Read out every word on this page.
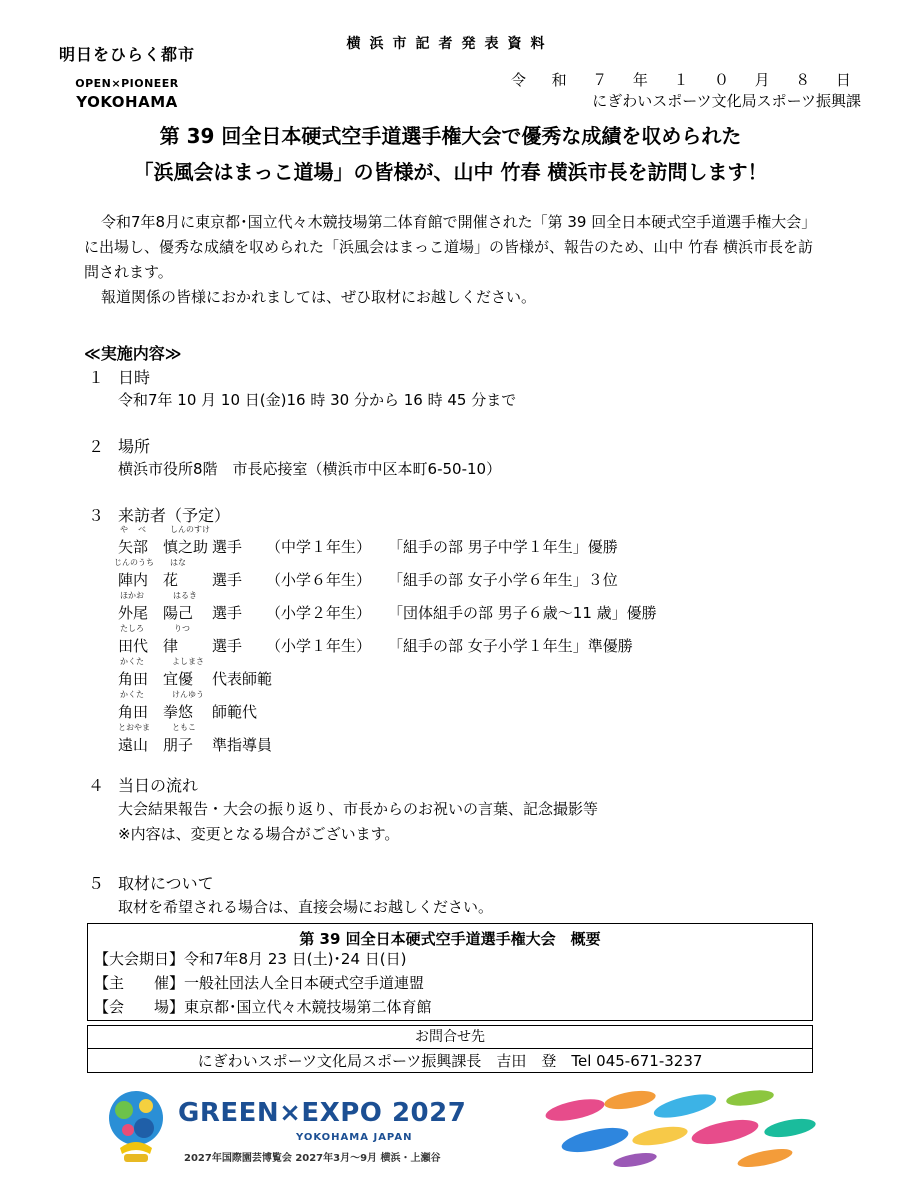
明日をひらく都市
OPEN×PIONEER
YOKOHAMA
横浜市記者発表資料
令 和 ７ 年 １ ０ 月 ８ 日
にぎわいスポーツ文化局スポーツ振興課
第 39 回全日本硬式空手道選手権大会で優秀な成績を収められた
「浜風会はまっこ道場」の皆様が、山中 竹春 横浜市長を訪問します！
令和7年8月に東京都･国立代々木競技場第二体育館で開催された「第 39 回全日本硬式空手道選手権大会」に出場し、優秀な成績を収められた「浜風会はまっこ道場」の皆様が、報告のため、山中 竹春 横浜市長を訪問されます。
報道関係の皆様におかれましては、ぜひ取材にお越しください。
≪実施内容≫
１ 日時
令和7年 10 月 10 日(金)16 時 30 分から 16 時 45 分まで
２ 場所
横浜市役所8階　市長応接室（横浜市中区本町6-50-10）
３ 来訪者（予定）
や べ	しんのすけ
矢部　慎之助 選手 （中学１年生） 「組手の部 男子中学１年生」優勝
じんのうち はな
陣内　花	選手 （小学６年生） 「組手の部 女子小学６年生」３位
ほかお	はるき
外尾　陽己	選手 （小学２年生） 「団体組手の部 男子６歳～11 歳」優勝
たしろ	りつ
田代　律	選手 （小学１年生） 「組手の部 女子小学１年生」準優勝
かくた	よしまさ
角田　宜優	代表師範
かくた	けんゆう
角田　拳悠	師範代
とおやま	ともこ
遠山　朋子	準指導員
４ 当日の流れ
大会結果報告・大会の振り返り、市長からのお祝いの言葉、記念撮影等
※内容は、変更となる場合がございます。
５ 取材について
取材を希望される場合は、直接会場にお越しください。
第 39 回全日本硬式空手道選手権大会　概要
【大会期日】令和7年8月 23 日(土)･24 日(日)
【主　　催】一般社団法人全日本硬式空手道連盟
【会　　場】東京都･国立代々木競技場第二体育館
お問合せ先
にぎわいスポーツ文化局スポーツ振興課長　吉田　登　Tel 045-671-3237
GREEN×EXPO 2027
YOKOHAMA JAPAN
2027年国際園芸博覧会 2027年3月～9月 横浜・上瀬谷
